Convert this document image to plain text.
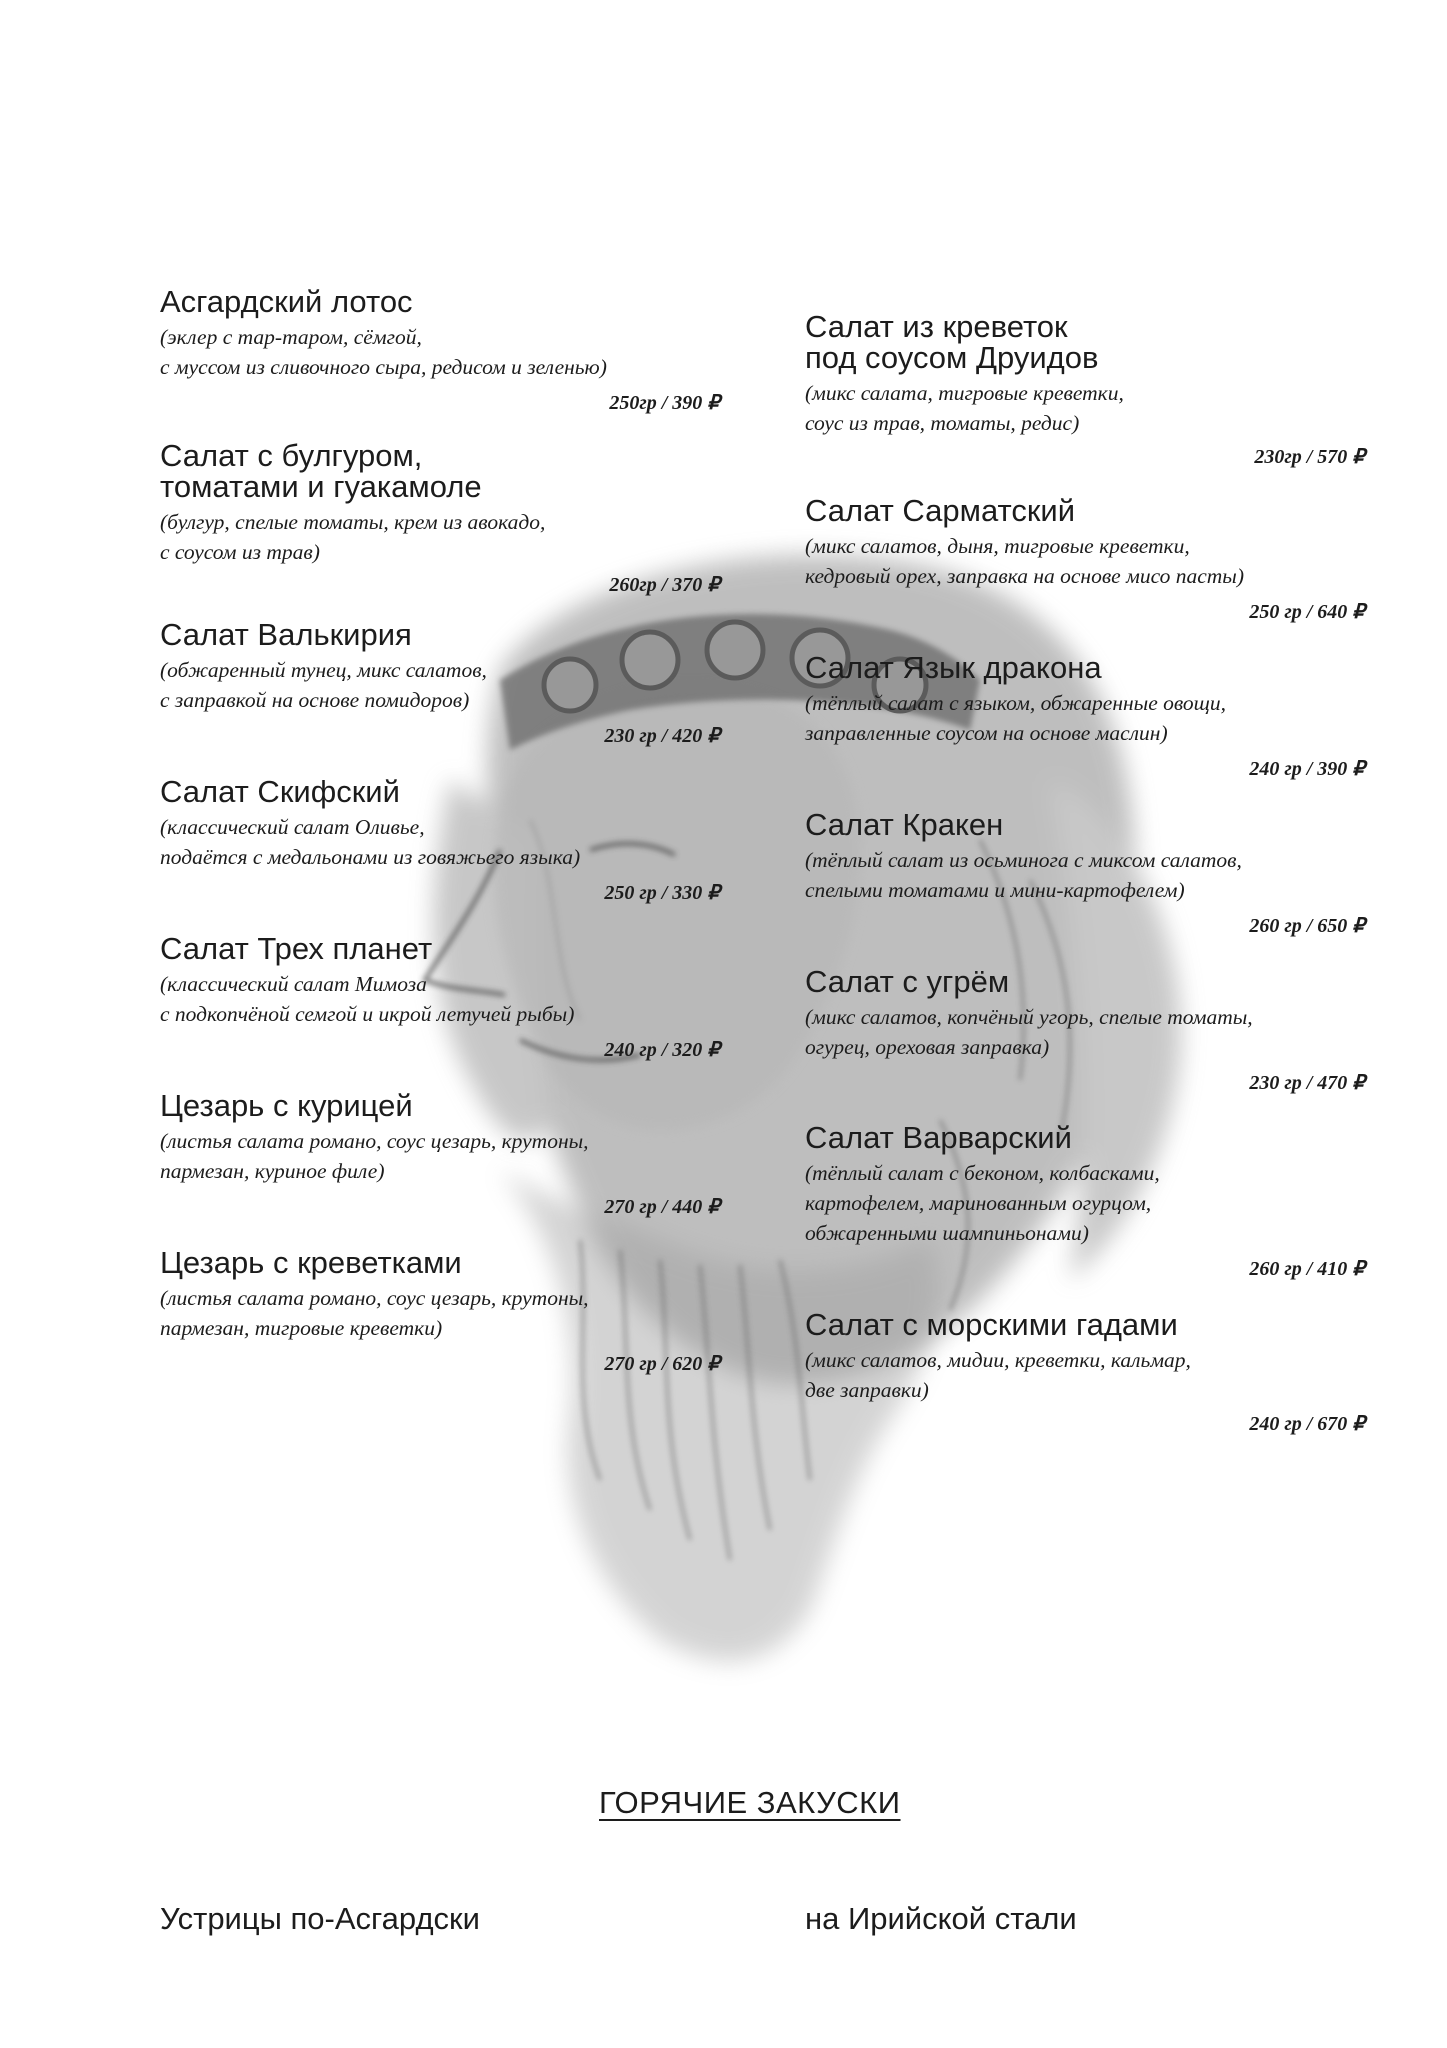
Асгардский лотос
(эклер с тар-таром, сёмгой,
с муссом из сливочного сыра, редисом и зеленью)
250гр / 390 ₽
Салат с булгуром,
томатами и гуакамоле
(булгур, спелые томаты, крем из авокадо,
с соусом из трав)
260гр / 370 ₽
Салат Валькирия
(обжаренный тунец, микс салатов,
с заправкой на основе помидоров)
230 гр / 420 ₽
Салат Скифский
(классический салат Оливье,
подаётся с медальонами из говяжьего языка)
250 гр / 330 ₽
Салат Трех планет
(классический салат Мимоза
с подкопчёной семгой и икрой летучей рыбы)
240 гр / 320 ₽
Цезарь с курицей
(листья салата романо, соус цезарь, крутоны,
пармезан, куриное филе)
270 гр / 440 ₽
Цезарь с креветками
(листья салата романо, соус цезарь, крутоны,
пармезан, тигровые креветки)
270 гр / 620 ₽
Салат из креветок
под соусом Друидов
(микс салата, тигровые креветки,
соус из трав, томаты, редис)
230гр / 570 ₽
Салат Сарматский
(микс салатов, дыня, тигровые креветки,
кедровый орех, заправка на основе мисо пасты)
250 гр / 640 ₽
Салат Язык дракона
(тёплый салат с языком, обжаренные овощи,
заправленные соусом на основе маслин)
240 гр / 390 ₽
Салат Кракен
(тёплый салат из осьминога с миксом салатов,
спелыми томатами и мини-картофелем)
260 гр / 650 ₽
Салат с угрём
(микс салатов, копчёный угорь, спелые томаты,
огурец, ореховая заправка)
230 гр / 470 ₽
Салат Варварский
(тёплый салат с беконом, колбасками,
картофелем, маринованным огурцом,
обжаренными шампиньонами)
260 гр / 410 ₽
Салат с морскими гадами
(микс салатов, мидии, креветки, кальмар,
две заправки)
240 гр / 670 ₽
ГОРЯЧИЕ ЗАКУСКИ
Устрицы по-Асгардски	на Ирийской стали
